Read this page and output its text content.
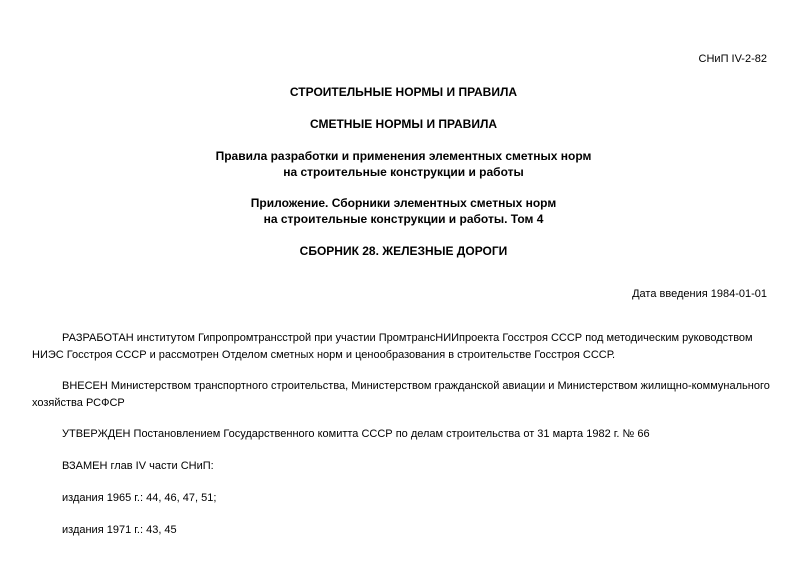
СНиП IV-2-82
СТРОИТЕЛЬНЫЕ НОРМЫ И ПРАВИЛА
СМЕТНЫЕ НОРМЫ И ПРАВИЛА
Правила разработки и применения элементных сметных норм
на строительные конструкции и работы
Приложение. Сборники элементных сметных норм
на строительные конструкции и работы. Том 4
СБОРНИК 28. ЖЕЛЕЗНЫЕ ДОРОГИ
Дата введения 1984-01-01
РАЗРАБОТАН институтом Гипропромтрансстрой при участии ПромтрансНИИпроекта Госстроя СССР под методическим руководством
НИЭС Госстроя СССР и рассмотрен Отделом сметных норм и ценообразования в строительстве Госстроя СССР.
ВНЕСЕН Министерством транспортного строительства, Министерством гражданской авиации и Министерством жилищно-коммунального
хозяйства РСФСР
УТВЕРЖДЕН Постановлением Государственного комитта СССР по делам строительства от 31 марта 1982 г. № 66
ВЗАМЕН глав IV части СНиП:
издания 1965 г.: 44, 46, 47, 51;
издания 1971 г.: 43, 45
